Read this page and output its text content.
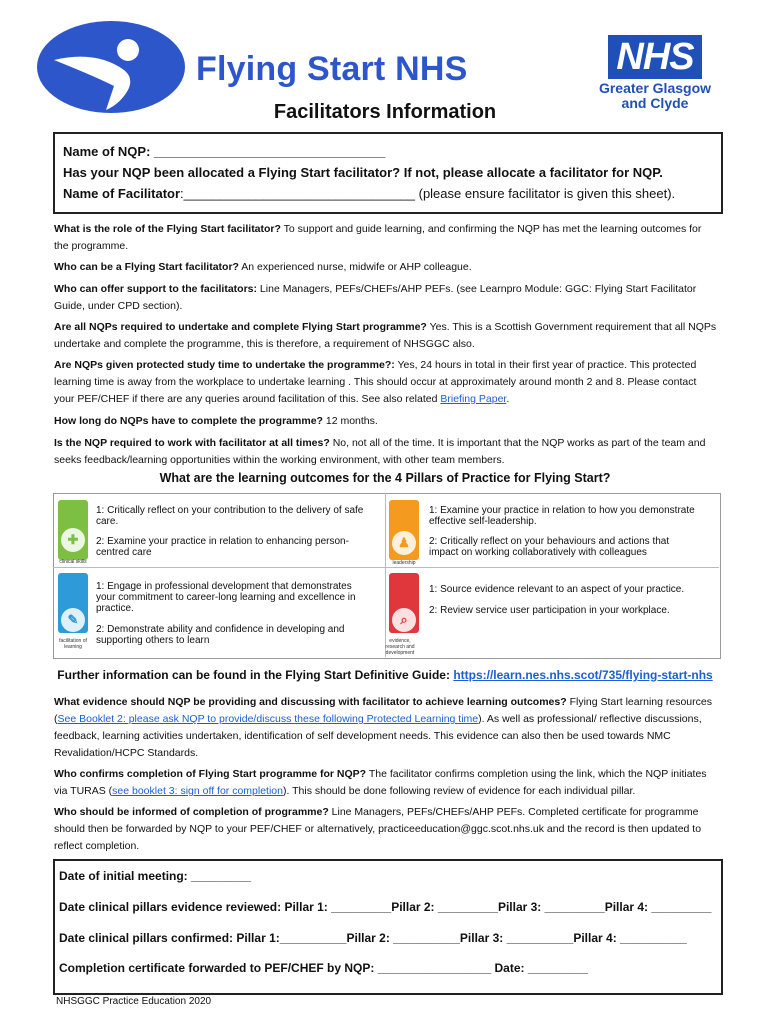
Flying Start NHS	NHS
Greater Glasgow
and Clyde
Facilitators Information
Name of NQP: ________________________________
Has your NQP been allocated a Flying Start facilitator? If not, please allocate a facilitator for NQP.
Name of Facilitator:________________________________ (please ensure facilitator is given this sheet).
What is the role of the Flying Start facilitator? To support and guide learning, and confirming the NQP has met the learning outcomes for the programme.
Who can be a Flying Start facilitator? An experienced nurse, midwife or AHP colleague.
Who can offer support to the facilitators: Line Managers, PEFs/CHEFs/AHP PEFs. (see Learnpro Module: GGC: Flying Start Facilitator Guide, under CPD section).
Are all NQPs required to undertake and complete Flying Start programme? Yes. This is a Scottish Government requirement that all NQPs undertake and complete the programme, this is therefore, a requirement of NHSGGC also.
Are NQPs given protected study time to undertake the programme?: Yes, 24 hours in total in their first year of practice. This protected learning time is away from the workplace to undertake learning . This should occur at approximately around month 2 and 8. Please contact your PEF/CHEF if there are any queries around facilitation of this. See also related Briefing Paper.
How long do NQPs have to complete the programme? 12 months.
Is the NQP required to work with facilitator at all times? No, not all of the time. It is important that the NQP works as part of the team and seeks feedback/learning opportunities within the working environment, with other team members.
What are the learning outcomes for the 4 Pillars of Practice for Flying Start?
✚
clinical skills
1: Critically reflect on your contribution to the delivery of safe care.
2: Examine your practice in relation to enhancing person-centred care
♟
leadership
1: Examine your practice in relation to how you demonstrate effective self-leadership.
2: Critically reflect on your behaviours and actions that impact on working collaboratively with colleagues
✎
facilitation of learning
1: Engage in professional development that demonstrates your commitment to career-long learning and excellence in practice.
2: Demonstrate ability and confidence in developing and supporting others to learn
⌕
evidence, research and development
1: Source evidence relevant to an aspect of your practice.
2: Review service user participation in your workplace.
Further information can be found in the Flying Start Definitive Guide: https://learn.nes.nhs.scot/735/flying-start-nhs
What evidence should NQP be providing and discussing with facilitator to achieve learning outcomes? Flying Start learning resources (See Booklet 2: please ask NQP to provide/discuss these following Protected Learning time). As well as professional/ reflective discussions, feedback, learning activities undertaken, identification of self development needs. This evidence can also then be used towards NMC Revalidation/HCPC Standards.
Who confirms completion of Flying Start programme for NQP? The facilitator confirms completion using the link, which the NQP initiates via TURAS (see booklet 3: sign off for completion). This should be done following review of evidence for each individual pillar.
Who should be informed of completion of programme? Line Managers, PEFs/CHEFs/AHP PEFs. Completed certificate for programme should then be forwarded by NQP to your PEF/CHEF or alternatively, practiceeducation@ggc.scot.nhs.uk and the record is then updated to reflect completion.
Date of initial meeting: _________
Date clinical pillars evidence reviewed: Pillar 1: _________Pillar 2: _________Pillar 3: _________Pillar 4: _________
Date clinical pillars confirmed: Pillar 1:__________Pillar 2: __________Pillar 3: __________Pillar 4: __________
Completion certificate forwarded to PEF/CHEF by NQP: _________________ Date: _________
NHSGGC Practice Education 2020
